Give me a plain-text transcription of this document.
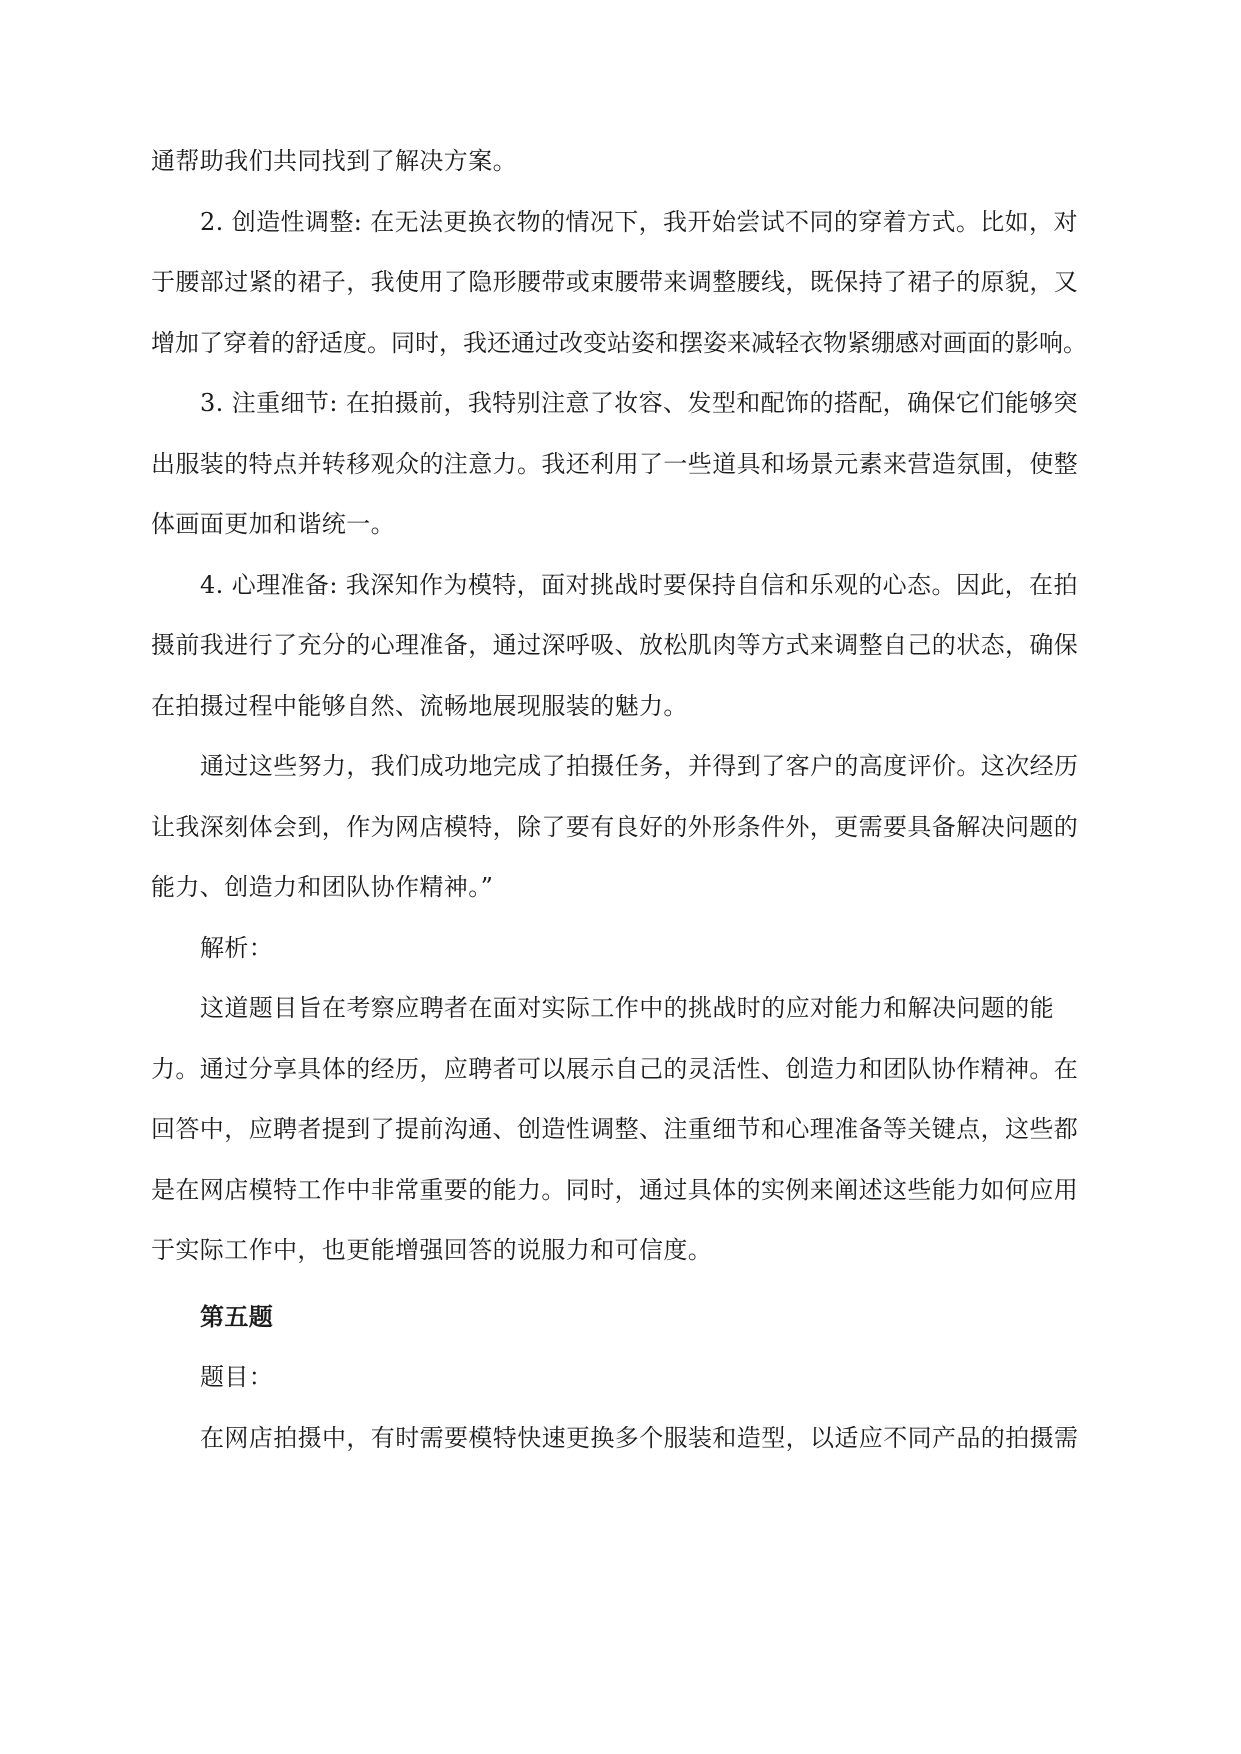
通帮助我们共同找到了解决方案。

2. 创造性调整: 在无法更换衣物的情况下，我开始尝试不同的穿着方式。比如，对

于腰部过紧的裙子，我使用了隐形腰带或束腰带来调整腰线，既保持了裙子的原貌，又

增加了穿着的舒适度。同时，我还通过改变站姿和摆姿来减轻衣物紧绷感对画面的影响。

3. 注重细节: 在拍摄前，我特别注意了妆容、发型和配饰的搭配，确保它们能够突

出服装的特点并转移观众的注意力。我还利用了一些道具和场景元素来营造氛围，使整

体画面更加和谐统一。

4. 心理准备: 我深知作为模特，面对挑战时要保持自信和乐观的心态。因此，在拍

摄前我进行了充分的心理准备，通过深呼吸、放松肌肉等方式来调整自己的状态，确保

在拍摄过程中能够自然、流畅地展现服装的魅力。

通过这些努力，我们成功地完成了拍摄任务，并得到了客户的高度评价。这次经历

让我深刻体会到，作为网店模特，除了要有良好的外形条件外，更需要具备解决问题的

能力、创造力和团队协作精神。”

解析：

这道题目旨在考察应聘者在面对实际工作中的挑战时的应对能力和解决问题的能

力。通过分享具体的经历，应聘者可以展示自己的灵活性、创造力和团队协作精神。在

回答中，应聘者提到了提前沟通、创造性调整、注重细节和心理准备等关键点，这些都

是在网店模特工作中非常重要的能力。同时，通过具体的实例来阐述这些能力如何应用

于实际工作中，也更能增强回答的说服力和可信度。

第五题

题目：

在网店拍摄中，有时需要模特快速更换多个服装和造型，以适应不同产品的拍摄需
